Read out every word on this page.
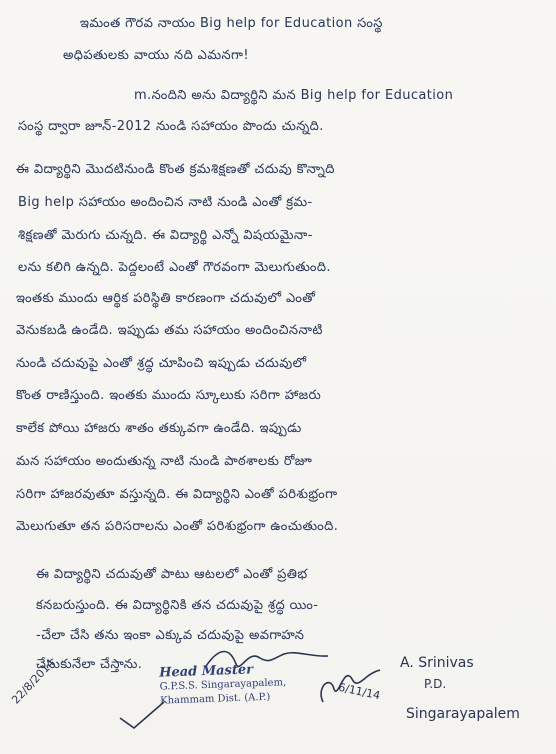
ఇమంత గౌరవ నాయం Big help for Education సంస్థ
అధిపతులకు వాయు నది ఎమనగా!
m.నందిని అను విద్యార్థిని మన Big help for Education
సంస్థ ద్వారా జూన్-2012 నుండి సహాయం పొందు చున్నది.
ఈ విద్యార్థిని మొదటినుండి కొంత క్రమశిక్షణతో చదువు కొన్నాది
Big help సహాయం అందించిన నాటి నుండి ఎంతో క్రమ-
శిక్షణతో మెరుగు చున్నది. ఈ విద్యార్థి ఎన్నో విషయమైనా-
లను కలిగి ఉన్నది. పెద్దలంటే ఎంతో గౌరవంగా మెలుగుతుంది.
ఇంతకు ముందు ఆర్థిక పరిస్థితి కారణంగా చదువులో ఎంతో
వెనుకబడి ఉండేది. ఇప్పుడు తమ సహాయం అందించిననాటి
నుండి చదువుపై ఎంతో శ్రద్ధ చూపించి ఇప్పుడు చదువులో
కొంత రాణిస్తుంది. ఇంతకు ముందు స్కూలుకు సరిగా హాజరు
కాలేక పోయి హాజరు శాతం తక్కువగా ఉండేది. ఇప్పుడు
మన సహాయం అందుతున్న నాటి నుండి పాఠశాలకు రోజూ
సరిగా హాజరవుతూ వస్తున్నది. ఈ విద్యార్థిని ఎంతో పరిశుభ్రంగా
మెలుగుతూ తన పరిసరాలను ఎంతో పరిశుభ్రంగా ఉంచుతుంది.
ఈ విద్యార్థిని చదువుతో పాటు ఆటలలో ఎంతో ప్రతిభ
కనబరుస్తుంది. ఈ విద్యార్థినికి తన చదువుపై శ్రద్ధ యిం-
-చేలా చేసి తను ఇంకా ఎక్కువ చదువుపై అవగాహన
చేసుకునేలా చేస్తాను.	Head Master
G.P.S.S. Singarayapalem,
Khammam Dist. (A.P.)
22/8/2014	6/11/14
A. Srinivas
P.D.
Singarayapalem
